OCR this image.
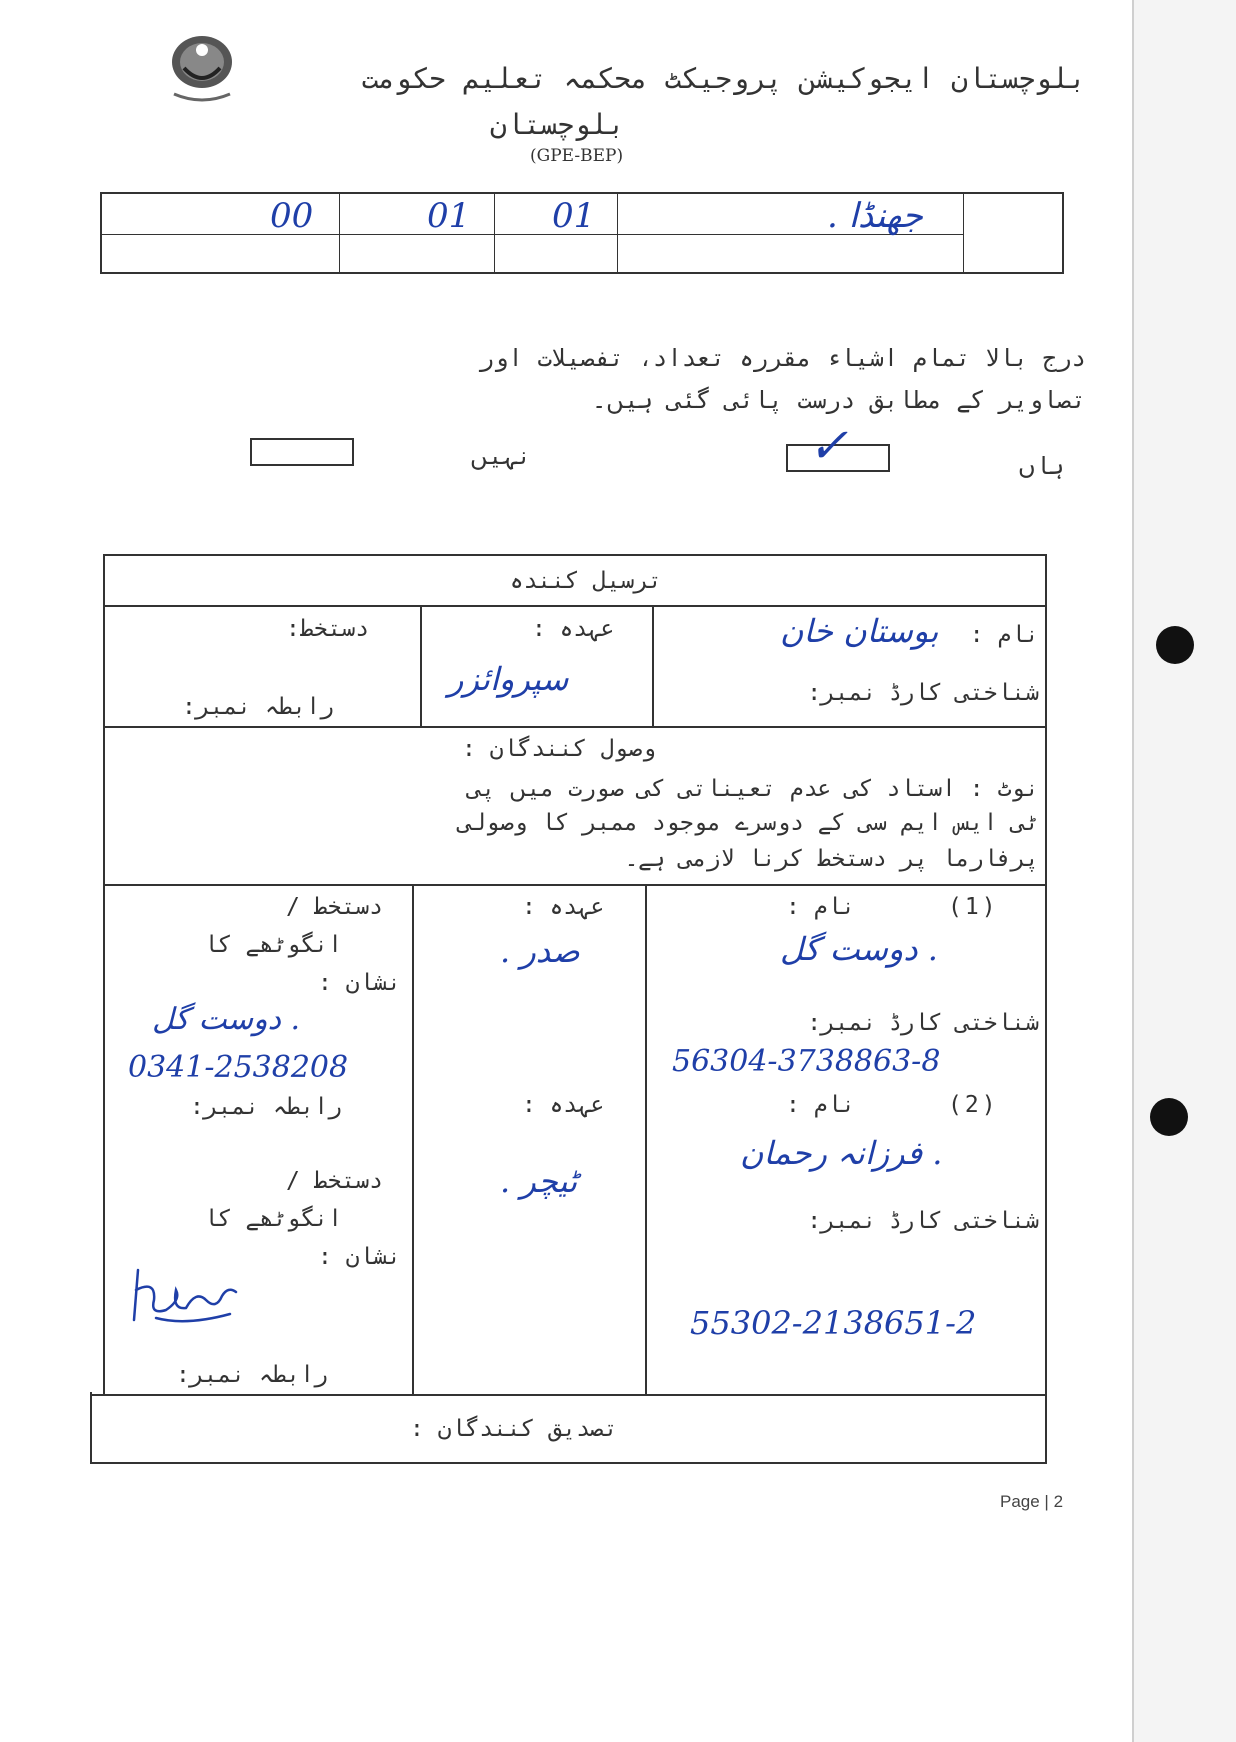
بلوچستان ایجوکیشن پروجیکٹ محکمہ تعلیم حکومت
بلوچستان
(GPE-BEP)
00	01 01	جھنڈا .
درج بالا تمام اشیاء مقررہ تعداد، تفصیلات اور
تصاویر کے مطابق درست پائی گئی ہیں۔
نہیں	✓	ہاں
ترسیل کنندہ
نام :
بوستان خان
شناختی کارڈ نمبر:
عہدہ :
سپروائزر
دستخط:
رابطہ نمبر:
وصول کنندگان :
نوٹ : استاد کی عدم تعیناتی کی صورت میں پی
ٹی ایس ایم سی کے دوسرے موجود ممبر کا وصولی
پرفارما پر دستخط کرنا لازمی ہے۔
(1)
نام :
دوست گل .
شناختی کارڈ نمبر:
56304-3738863-8
عہدہ :
. صدر
دستخط /
انگوٹھے کا
نشان :
دوست گل .
0341-2538208
رابطہ نمبر:	(2)
نام :
فرزانہ رحمان .
شناختی کارڈ نمبر:
55302-2138651-2
عہدہ :
. ٹیچر
دستخط /
انگوٹھے کا
نشان :
رابطہ نمبر:
تصدیق کنندگان :
Page | 2
